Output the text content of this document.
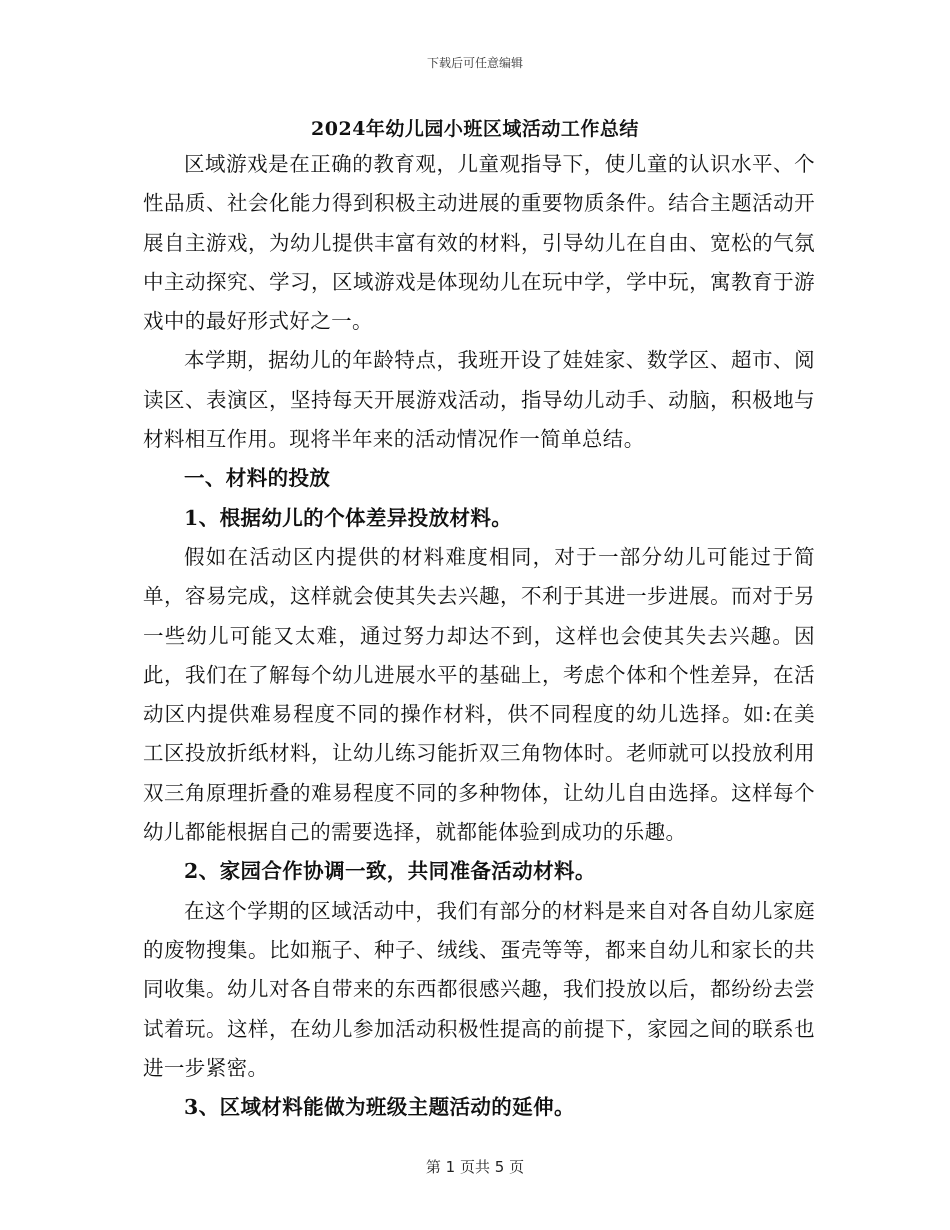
下载后可任意编辑
2024年幼儿园小班区域活动工作总结

区域游戏是在正确的教育观，儿童观指导下，使儿童的认识水平、个性品质、社会化能力得到积极主动进展的重要物质条件。结合主题活动开展自主游戏，为幼儿提供丰富有效的材料，引导幼儿在自由、宽松的气氛中主动探究、学习，区域游戏是体现幼儿在玩中学，学中玩，寓教育于游戏中的最好形式好之一。

本学期，据幼儿的年龄特点，我班开设了娃娃家、数学区、超市、阅读区、表演区，坚持每天开展游戏活动，指导幼儿动手、动脑，积极地与材料相互作用。现将半年来的活动情况作一简单总结。

一、材料的投放

1、根据幼儿的个体差异投放材料。

假如在活动区内提供的材料难度相同，对于一部分幼儿可能过于简单，容易完成，这样就会使其失去兴趣，不利于其进一步进展。而对于另一些幼儿可能又太难，通过努力却达不到，这样也会使其失去兴趣。因此，我们在了解每个幼儿进展水平的基础上，考虑个体和个性差异，在活动区内提供难易程度不同的操作材料，供不同程度的幼儿选择。如:在美工区投放折纸材料，让幼儿练习能折双三角物体时。老师就可以投放利用双三角原理折叠的难易程度不同的多种物体，让幼儿自由选择。这样每个幼儿都能根据自己的需要选择，就都能体验到成功的乐趣。

2、家园合作协调一致，共同准备活动材料。

在这个学期的区域活动中，我们有部分的材料是来自对各自幼儿家庭的废物搜集。比如瓶子、种子、绒线、蛋壳等等，都来自幼儿和家长的共同收集。幼儿对各自带来的东西都很感兴趣，我们投放以后，都纷纷去尝试着玩。这样，在幼儿参加活动积极性提高的前提下，家园之间的联系也进一步紧密。

3、区域材料能做为班级主题活动的延伸。

第 1 页共 5 页
